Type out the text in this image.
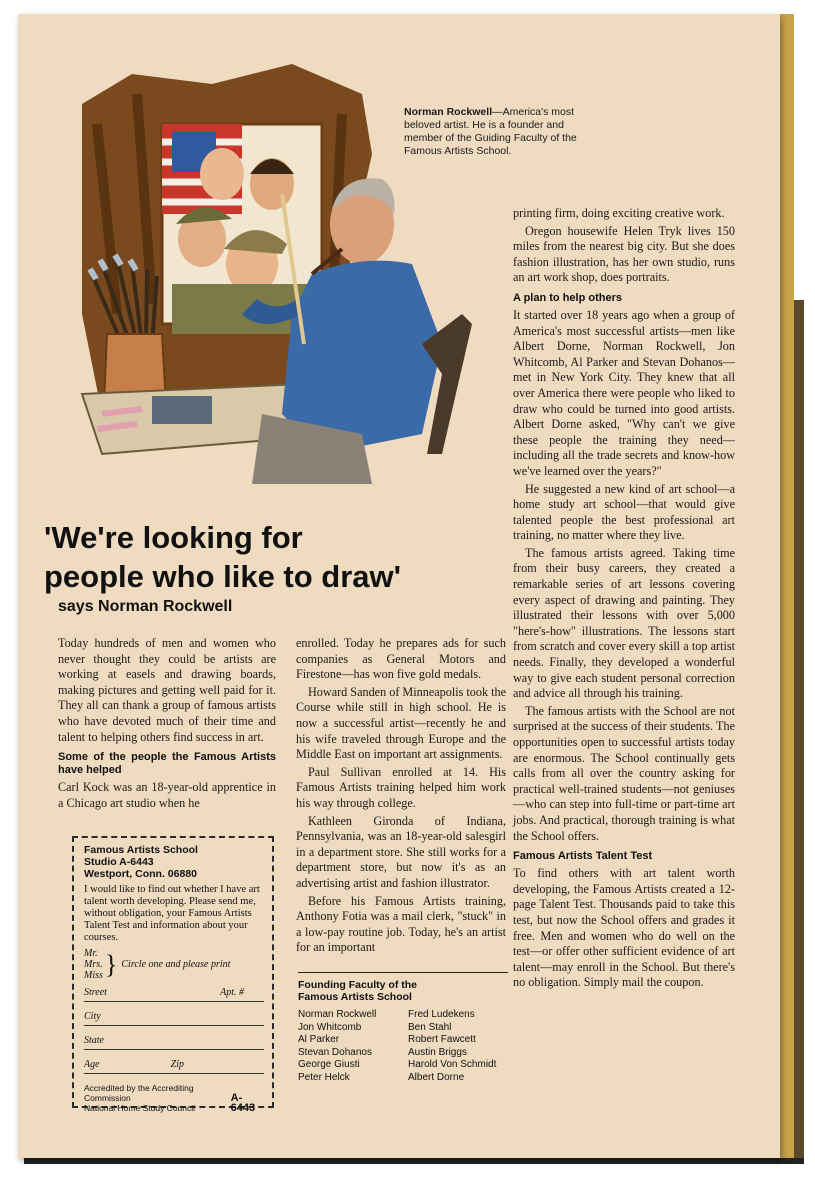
Norman Rockwell—America's most beloved artist. He is a founder and member of the Guiding Faculty of the Famous Artists School.
'We're looking for
people who like to draw'
says Norman Rockwell

Today hundreds of men and women who never thought they could be artists are working at easels and drawing boards, making pictures and getting well paid for it. They all can thank a group of famous artists who have devoted much of their time and talent to helping others find success in art.

Some of the people the Famous Artists have helped

Carl Kock was an 18-year-old apprentice in a Chicago art studio when he

Famous Artists School
Studio A-6443
Westport, Conn. 06880
I would like to find out whether I have art talent worth developing. Please send me, without obligation, your Famous Artists Talent Test and information about your courses.
Mr.
Mrs.
Miss } Circle one and please print
Street	Apt. #
City
State
Age	Zip
Accredited by the Accrediting Commission
National Home Study Council
A-6443

enrolled. Today he prepares ads for such companies as General Motors and Firestone—has won five gold medals.

Howard Sanden of Minneapolis took the Course while still in high school. He is now a successful artist—recently he and his wife traveled through Europe and the Middle East on important art assignments.

Paul Sullivan enrolled at 14. His Famous Artists training helped him work his way through college.

Kathleen Gironda of Indiana, Pennsylvania, was an 18-year-old salesgirl in a department store. She still works for a department store, but now it's as an advertising artist and fashion illustrator.

Before his Famous Artists training, Anthony Fotia was a mail clerk, "stuck" in a low-pay routine job. Today, he's an artist for an important

Founding Faculty of the
Famous Artists School
Norman Rockwell	Fred Ludekens
Jon Whitcomb	Ben Stahl
Al Parker	Robert Fawcett
Stevan Dohanos	Austin Briggs
George Giusti	Harold Von Schmidt
Peter Helck	Albert Dorne

printing firm, doing exciting creative work.

Oregon housewife Helen Tryk lives 150 miles from the nearest big city. But she does fashion illustration, has her own studio, runs an art work shop, does portraits.

A plan to help others

It started over 18 years ago when a group of America's most successful artists—men like Albert Dorne, Norman Rockwell, Jon Whitcomb, Al Parker and Stevan Dohanos—met in New York City. They knew that all over America there were people who liked to draw who could be turned into good artists. Albert Dorne asked, "Why can't we give these people the training they need—including all the trade secrets and know-how we've learned over the years?"

He suggested a new kind of art school—a home study art school—that would give talented people the best professional art training, no matter where they live.

The famous artists agreed. Taking time from their busy careers, they created a remarkable series of art lessons covering every aspect of drawing and painting. They illustrated their lessons with over 5,000 "here's-how" illustrations. The lessons start from scratch and cover every skill a top artist needs. Finally, they developed a wonderful way to give each student personal correction and advice all through his training.

The famous artists with the School are not surprised at the success of their students. The opportunities open to successful artists today are enormous. The School continually gets calls from all over the country asking for practical well-trained students—not geniuses—who can step into full-time or part-time art jobs. And practical, thorough training is what the School offers.

Famous Artists Talent Test

To find others with art talent worth developing, the Famous Artists created a 12-page Talent Test. Thousands paid to take this test, but now the School offers and grades it free. Men and women who do well on the test—or offer other sufficient evidence of art talent—may enroll in the School. But there's no obligation. Simply mail the coupon.
